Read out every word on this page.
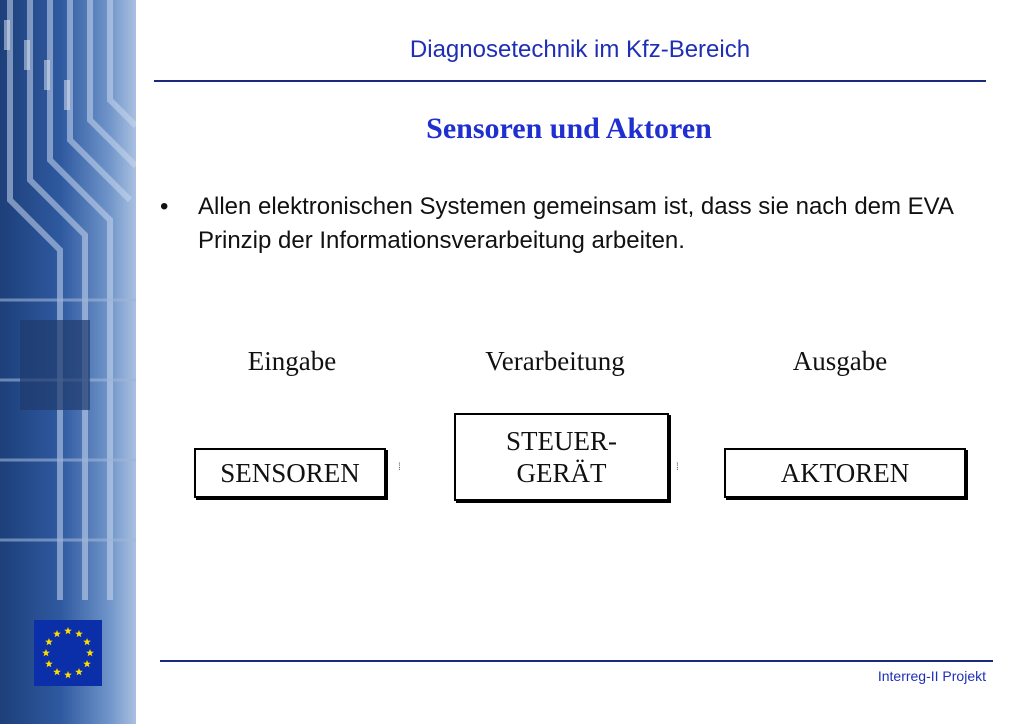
Diagnosetechnik im Kfz-Bereich
Sensoren und Aktoren
• Allen elektronischen Systemen gemeinsam ist, dass sie nach dem EVA Prinzip der Informationsverarbeitung arbeiten.
Eingabe	Verarbeitung	Ausgabe
SENSOREN	⁞
STEUER-
GERÄT	⁞	AKTOREN
Interreg-II Projekt
